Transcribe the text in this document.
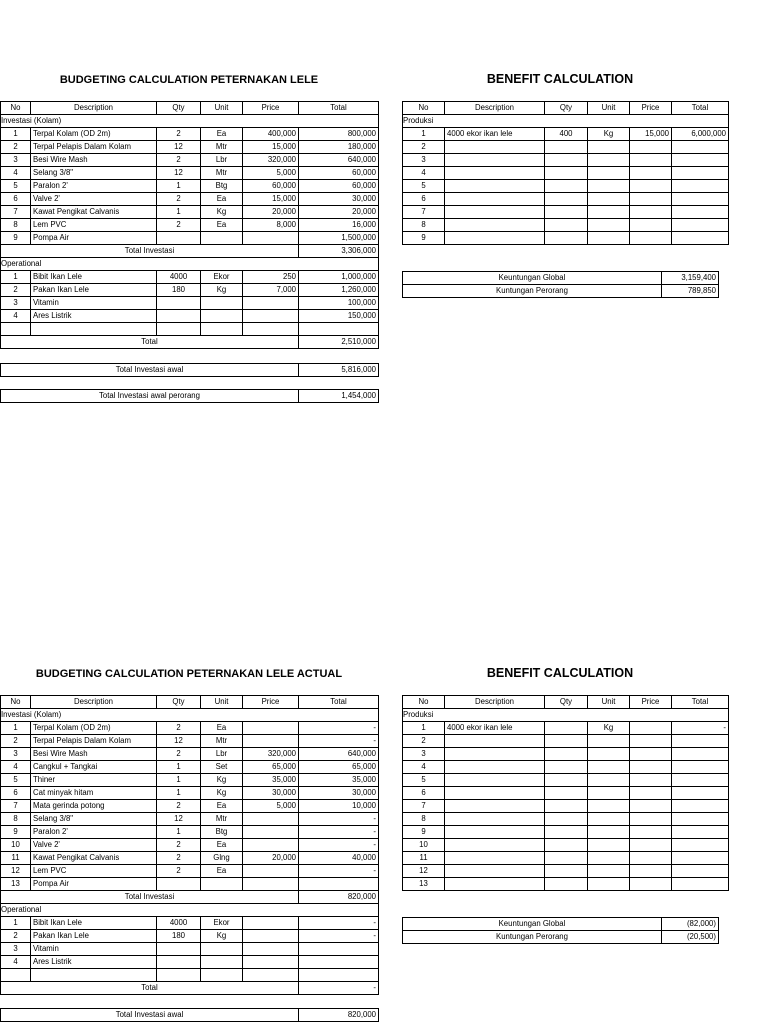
BUDGETING CALCULATION PETERNAKAN LELE	BENEFIT CALCULATION
No	Description	Qty	Unit	Price	Total
Investasi (Kolam)					
1	Terpal Kolam (OD 2m)	2	Ea	400,000	800,000
2	Terpal Pelapis Dalam Kolam	12	Mtr	15,000	180,000
3	Besi Wire Mash	2	Lbr	320,000	640,000
4	Selang 3/8"	12	Mtr	5,000	60,000
5	Paralon 2'	1	Btg	60,000	60,000
6	Valve 2'	2	Ea	15,000	30,000
7	Kawat Pengikat Calvanis	1	Kg	20,000	20,000
8	Lem PVC	2	Ea	8,000	16,000
9	Pompa Air				1,500,000
Total Investasi					3,306,000
Operational					
1	Bibit Ikan Lele	4000	Ekor	250	1,000,000
2	Pakan Ikan Lele	180	Kg	7,000	1,260,000
3	Vitamin				100,000
4	Ares Listrik				150,000

Total					2,510,000
No	Description	Qty	Unit	Price	Total
Produksi					
1	4000 ekor ikan lele	400	Kg	15,000	6,000,000
2					
3					
4					
5					
6					
7					
8					
9					
Keuntungan Global	3,159,400
Kuntungan Perorang	789,850
Total Investasi awal	5,816,000
Total Investasi awal perorang	1,454,000
BUDGETING CALCULATION PETERNAKAN LELE ACTUAL	BENEFIT CALCULATION
No	Description	Qty	Unit	Price	Total
Investasi (Kolam)					
1	Terpal Kolam (OD 2m)	2	Ea		-
2	Terpal Pelapis Dalam Kolam	12	Mtr		-
3	Besi Wire Mash	2	Lbr	320,000	640,000
4	Cangkul + Tangkai	1	Set	65,000	65,000
5	Thiner	1	Kg	35,000	35,000
6	Cat minyak hitam	1	Kg	30,000	30,000
7	Mata gerinda potong	2	Ea	5,000	10,000
8	Selang 3/8"	12	Mtr		-
9	Paralon 2'	1	Btg		-
10	Valve 2'	2	Ea		-
11	Kawat Pengikat Calvanis	2	Glng	20,000	40,000
12	Lem PVC	2	Ea		-
13	Pompa Air				
Total Investasi					820,000
Operational					
1	Bibit Ikan Lele	4000	Ekor		-
2	Pakan Ikan Lele	180	Kg		-
3	Vitamin				
4	Ares Listrik				

Total					-
No	Description	Qty	Unit	Price	Total
Produksi					
1	4000 ekor ikan lele		Kg		-
2					
3					
4					
5					
6					
7					
8					
9					
10					
11					
12					
13					
Keuntungan Global	(82,000)
Kuntungan Perorang	(20,500)
Total Investasi awal	820,000
